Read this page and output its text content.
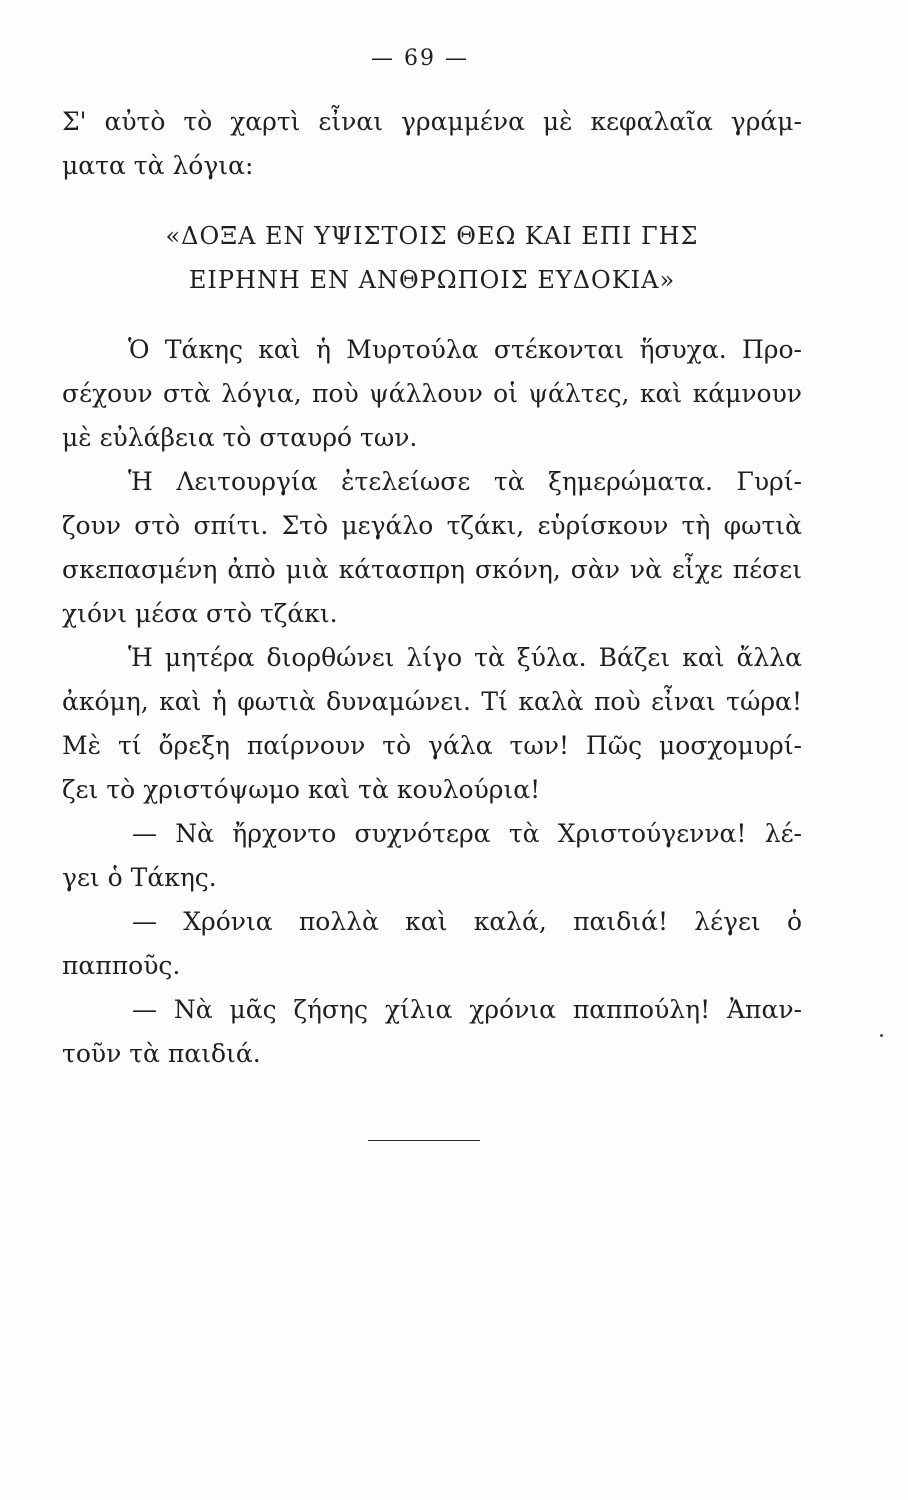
— 69 —
Σ' αὐτὸ τὸ χαρτὶ εἶναι γραμμένα μὲ κεφαλαῖα γράμ-
ματα τὰ λόγια:
«ΔΟΞΑ ΕΝ ΥΨΙΣΤΟΙΣ ΘΕΩ ΚΑΙ ΕΠΙ ΓΗΣ
ΕΙΡΗΝΗ ΕΝ ΑΝΘΡΩΠΟΙΣ ΕΥΔΟΚΙΑ»
Ὁ Τάκης καὶ ἡ Μυρτούλα στέκονται ἥσυχα. Προ-
σέχουν στὰ λόγια, ποὺ ψάλλουν οἱ ψάλτες, καὶ κάμνουν
μὲ εὐλάβεια τὸ σταυρό των.
Ἡ Λειτουργία ἐτελείωσε τὰ ξημερώματα. Γυρί-
ζουν στὸ σπίτι. Στὸ μεγάλο τζάκι, εὑρίσκουν τὴ φωτιὰ
σκεπασμένη ἀπὸ μιὰ κάτασπρη σκόνη, σὰν νὰ εἶχε πέσει
χιόνι μέσα στὸ τζάκι.
Ἡ μητέρα διορθώνει λίγο τὰ ξύλα. Βάζει καὶ ἄλλα
ἀκόμη, καὶ ἡ φωτιὰ δυναμώνει. Τί καλὰ ποὺ εἶναι τώρα!
Μὲ τί ὄρεξη παίρνουν τὸ γάλα των! Πῶς μοσχομυρί-
ζει τὸ χριστόψωμο καὶ τὰ κουλούρια!
— Νὰ ἤρχοντο συχνότερα τὰ Χριστούγεννα! λέ-
γει ὁ Τάκης.
— Χρόνια πολλὰ καὶ καλά, παιδιά! λέγει ὁ
παπποῦς.
— Νὰ μᾶς ζήσης χίλια χρόνια παππούλη! Ἀπαν-
τοῦν τὰ παιδιά.
